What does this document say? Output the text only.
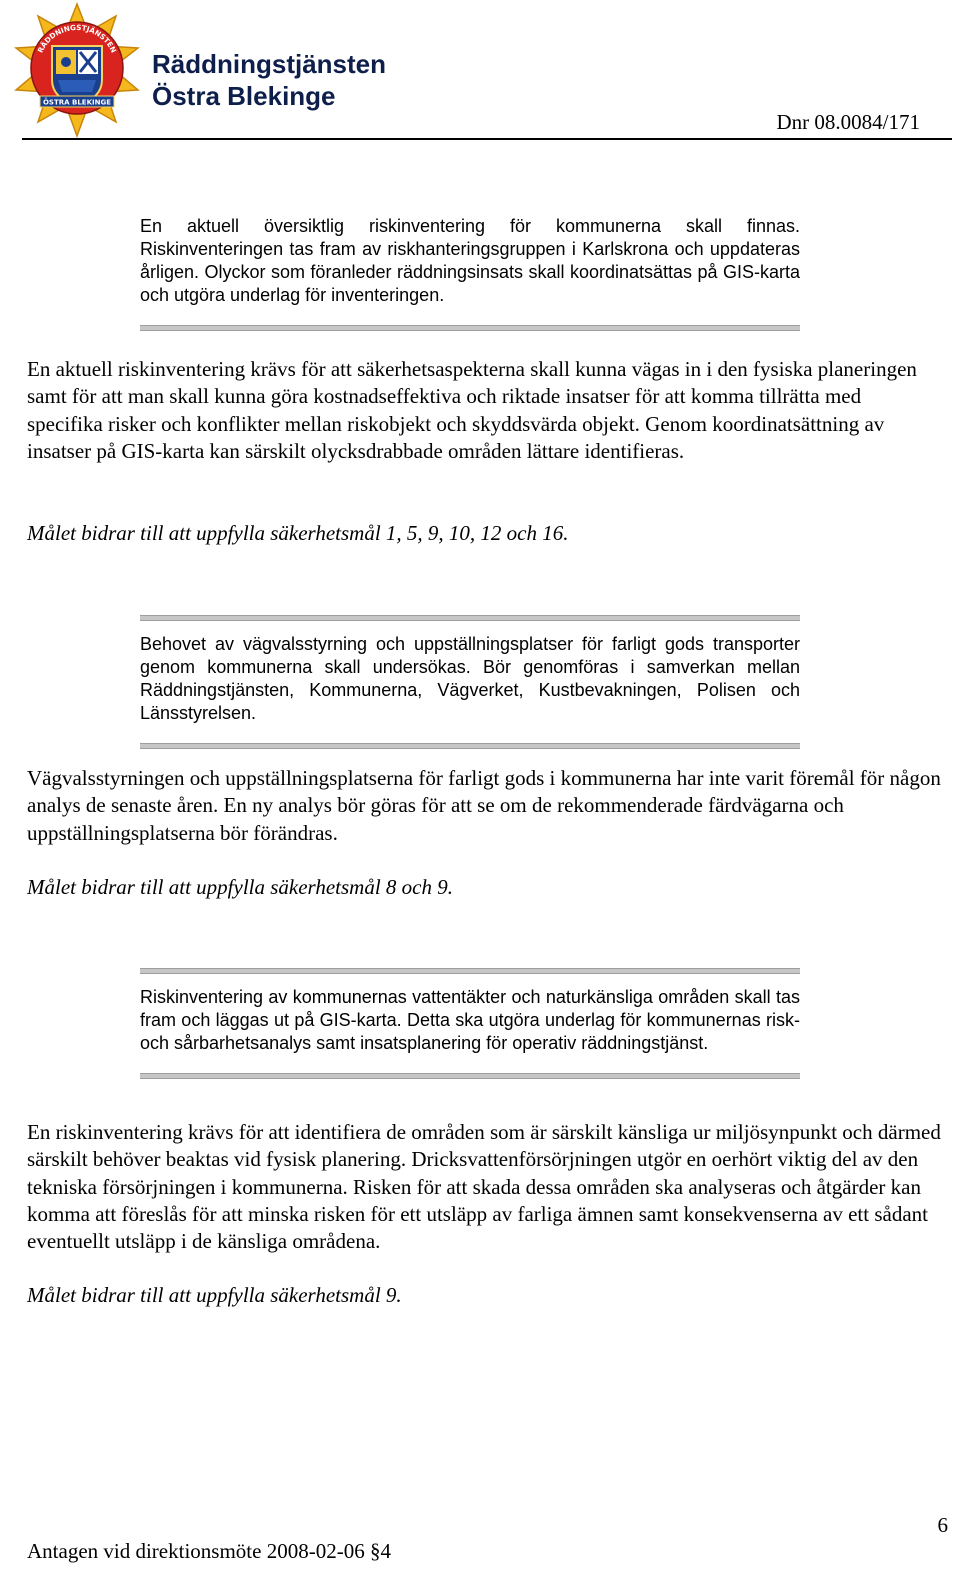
RÄDDNINGSTJÄNSTEN
ÖSTRA BLEKINGE
Räddningstjänsten
Östra Blekinge
Dnr 08.0084/171
En aktuell översiktlig riskinventering för kommunerna skall finnas. Riskinventeringen tas fram av riskhanteringsgruppen i Karlskrona och uppdateras årligen. Olyckor som föranleder räddningsinsats skall koordinatsättas på GIS-karta och utgöra underlag för inventeringen.
En aktuell riskinventering krävs för att säkerhetsaspekterna skall kunna vägas in i den fysiska planeringen samt för att man skall kunna göra kostnadseffektiva och riktade insatser för att komma tillrätta med specifika risker och konflikter mellan riskobjekt och skyddsvärda objekt. Genom koordinatsättning av insatser på GIS-karta kan särskilt olycksdrabbade områden lättare identifieras.
Målet bidrar till att uppfylla säkerhetsmål 1, 5, 9, 10, 12 och 16.
Behovet av vägvalsstyrning och uppställningsplatser för farligt gods transporter genom kommunerna skall undersökas. Bör genomföras i samverkan mellan Räddningstjänsten, Kommunerna, Vägverket, Kustbevakningen, Polisen och Länsstyrelsen.
Vägvalsstyrningen och uppställningsplatserna för farligt gods i kommunerna har inte varit föremål för någon analys de senaste åren. En ny analys bör göras för att se om de rekommenderade färdvägarna och uppställningsplatserna bör förändras.
Målet bidrar till att uppfylla säkerhetsmål 8 och 9.
Riskinventering av kommunernas vattentäkter och naturkänsliga områden skall tas fram och läggas ut på GIS-karta. Detta ska utgöra underlag för kommunernas risk- och sårbarhetsanalys samt insatsplanering för operativ räddningstjänst.
En riskinventering krävs för att identifiera de områden som är särskilt känsliga ur miljösynpunkt och därmed särskilt behöver beaktas vid fysisk planering. Dricksvattenförsörjningen utgör en oerhört viktig del av den tekniska försörjningen i kommunerna. Risken för att skada dessa områden ska analyseras och åtgärder kan komma att föreslås för att minska risken för ett utsläpp av farliga ämnen samt konsekvenserna av ett sådant eventuellt utsläpp i de känsliga områdena.
Målet bidrar till att uppfylla säkerhetsmål 9.
6
Antagen vid direktionsmöte 2008-02-06 §4
